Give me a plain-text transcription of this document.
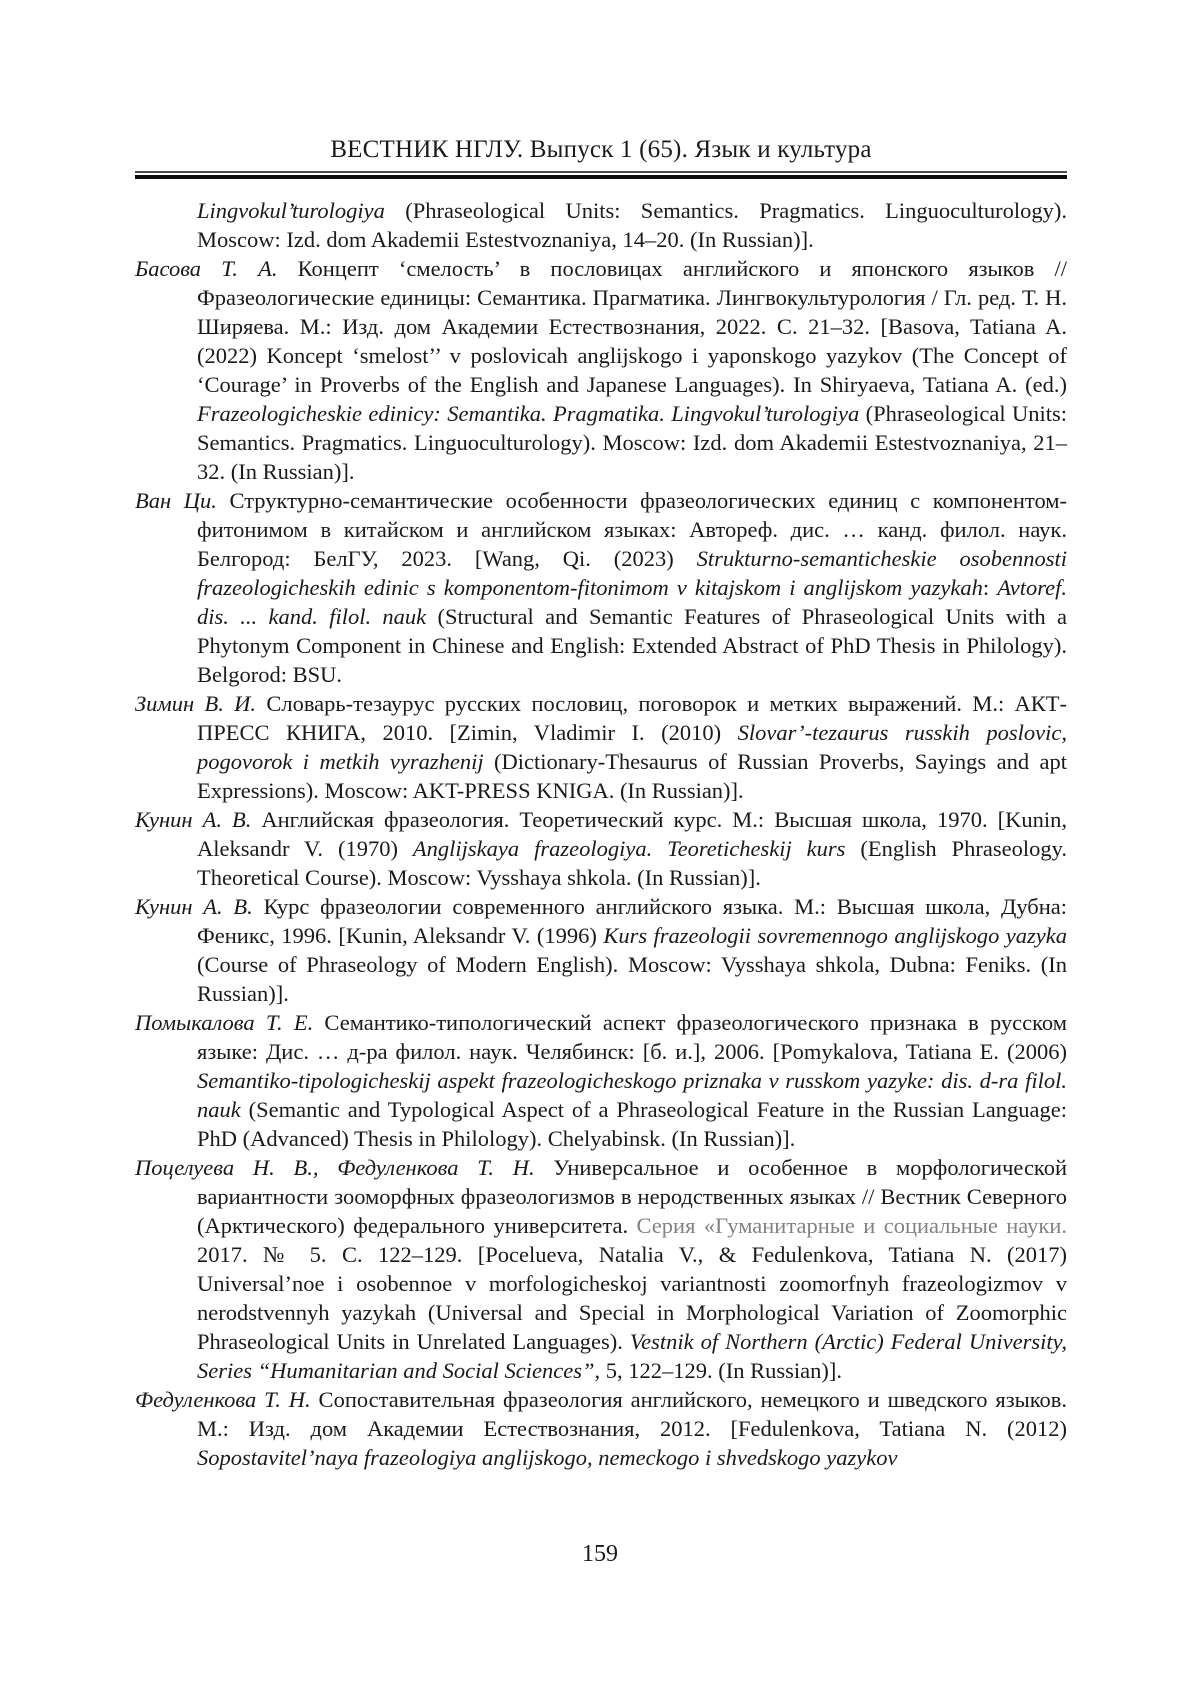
ВЕСТНИК НГЛУ. Выпуск 1 (65). Язык и культура

Lingvokul’turologiya (Phraseological Units: Semantics. Pragmatics. Linguoculturology). Moscow: Izd. dom Akademii Estestvoznaniya, 14–20. (In Russian)].

Басова Т. А. Концепт ‘смелость’ в пословицах английского и японского языков // Фразеологические единицы: Семантика. Прагматика. Лингвокультурология / Гл. ред. Т. Н. Ширяева. М.: Изд. дом Академии Естествознания, 2022. С. 21–32. [Basova, Tatiana A. (2022) Koncept ‘smelost’’ v poslovicah anglijskogo i yaponskogo yazykov (The Concept of ‘Courage’ in Proverbs of the English and Japanese Languages). In Shiryaeva, Tatiana A. (ed.) Frazeologicheskie edinicy: Semantika. Pragmatika. Lingvokul’turologiya (Phraseological Units: Semantics. Pragmatics. Linguoculturology). Moscow: Izd. dom Akademii Estestvoznaniya, 21–32. (In Russian)].

Ван Ци. Структурно-семантические особенности фразеологических единиц с компонентом-фитонимом в китайском и английском языках: Автореф. дис. … канд. филол. наук. Белгород: БелГУ, 2023. [Wang, Qi. (2023) Strukturno-semanticheskie osobennosti frazeologicheskih edinic s komponentom-fitonimom v kitajskom i anglijskom yazykah: Avtoref. dis. ... kand. filol. nauk (Structural and Semantic Features of Phraseological Units with a Phytonym Component in Chinese and English: Extended Abstract of PhD Thesis in Philology). Belgorod: BSU.

Зимин В. И. Словарь-тезаурус русских пословиц, поговорок и метких выражений. М.: АКТ-ПРЕСС КНИГА, 2010. [Zimin, Vladimir I. (2010) Slovar’-tezaurus russkih poslovic, pogovorok i metkih vyrazhenij (Dictionary-Thesaurus of Russian Proverbs, Sayings and apt Expressions). Moscow: AKT-PRESS KNIGA. (In Russian)].

Кунин А. В. Английская фразеология. Теоретический курс. М.: Высшая школа, 1970. [Kunin, Aleksandr V. (1970) Anglijskaya frazeologiya. Teoreticheskij kurs (English Phraseology. Theoretical Course). Moscow: Vysshaya shkola. (In Russian)].

Кунин А. В. Курс фразеологии современного английского языка. М.: Высшая школа, Дубна: Феникс, 1996. [Kunin, Aleksandr V. (1996) Kurs frazeologii sovremennogo anglijskogo yazyka (Course of Phraseology of Modern English). Moscow: Vysshaya shkola, Dubna: Feniks. (In Russian)].

Помыкалова Т. Е. Семантико-типологический аспект фразеологического признака в русском языке: Дис. … д-ра филол. наук. Челябинск: [б. и.], 2006. [Pomykalova, Tatiana E. (2006) Semantiko-tipologicheskij aspekt frazeologicheskogo priznaka v russkom yazyke: dis. d-ra filol. nauk (Semantic and Typological Aspect of a Phraseological Feature in the Russian Language: PhD (Advanced) Thesis in Philology). Chelyabinsk. (In Russian)].

Поцелуева Н. В., Федуленкова Т. Н. Универсальное и особенное в морфологической вариантности зооморфных фразеологизмов в неродственных языках // Вестник Северного (Арктического) федерального университета. Серия «Гуманитарные и социальные науки. 2017. № 5. С. 122–129. [Pocelueva, Natalia V., & Fedulenkova, Tatiana N. (2017) Universal’noe i osobennoe v morfologicheskoj variantnosti zoomorfnyh frazeologizmov v nerodstvennyh yazykah (Universal and Special in Morphological Variation of Zoomorphic Phraseological Units in Unrelated Languages). Vestnik of Northern (Arctic) Federal University, Series “Humanitarian and Social Sciences”, 5, 122–129. (In Russian)].

Федуленкова Т. Н. Сопоставительная фразеология английского, немецкого и шведского языков. М.: Изд. дом Академии Естествознания, 2012. [Fedulenkova, Tatiana N. (2012) Sopostavitel’naya frazeologiya anglijskogo, nemeckogo i shvedskogo yazykov

159
